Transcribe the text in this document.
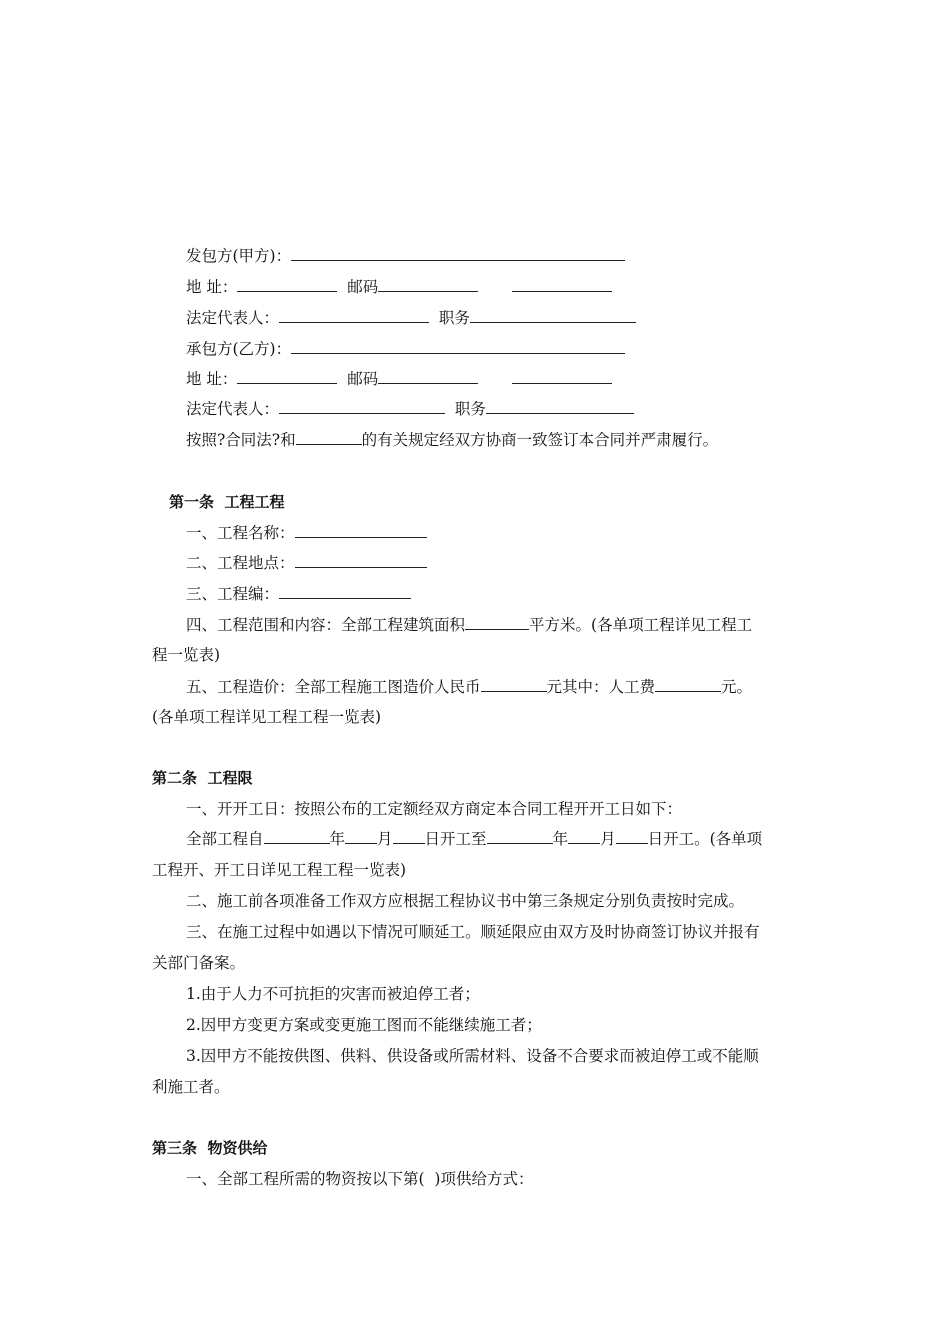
发包方(甲方)：
地 址：	邮码
法定代表人：	职务
承包方(乙方)：
地 址：	邮码
法定代表人：	职务
按照?合同法?和	的有关规定经双方协商一致签订本合同并严肃履行。
第一条  工程工程
一、工程名称：
二、工程地点：
三、工程编：
四、工程范围和内容：全部工程建筑面积	平方米。(各单项工程详见工程工
程一览表)
五、工程造价：全部工程施工图造价人民币	元其中：人工费	元。
(各单项工程详见工程工程一览表)
第二条  工程限
一、开开工日：按照公布的工定额经双方商定本合同工程开开工日如下：
全部工程自	年 月 日开工至	年 月 日开工。(各单项
工程开、开工日详见工程工程一览表)
二、施工前各项准备工作双方应根据工程协议书中第三条规定分别负责按时完成。
三、在施工过程中如遇以下情况可顺延工。顺延限应由双方及时协商签订协议并报有
关部门备案。
1.由于人力不可抗拒的灾害而被迫停工者；
2.因甲方变更方案或变更施工图而不能继续施工者；
3.因甲方不能按供图、供料、供设备或所需材料、设备不合要求而被迫停工或不能顺
利施工者。
第三条  物资供给
一、全部工程所需的物资按以下第(  )项供给方式：
